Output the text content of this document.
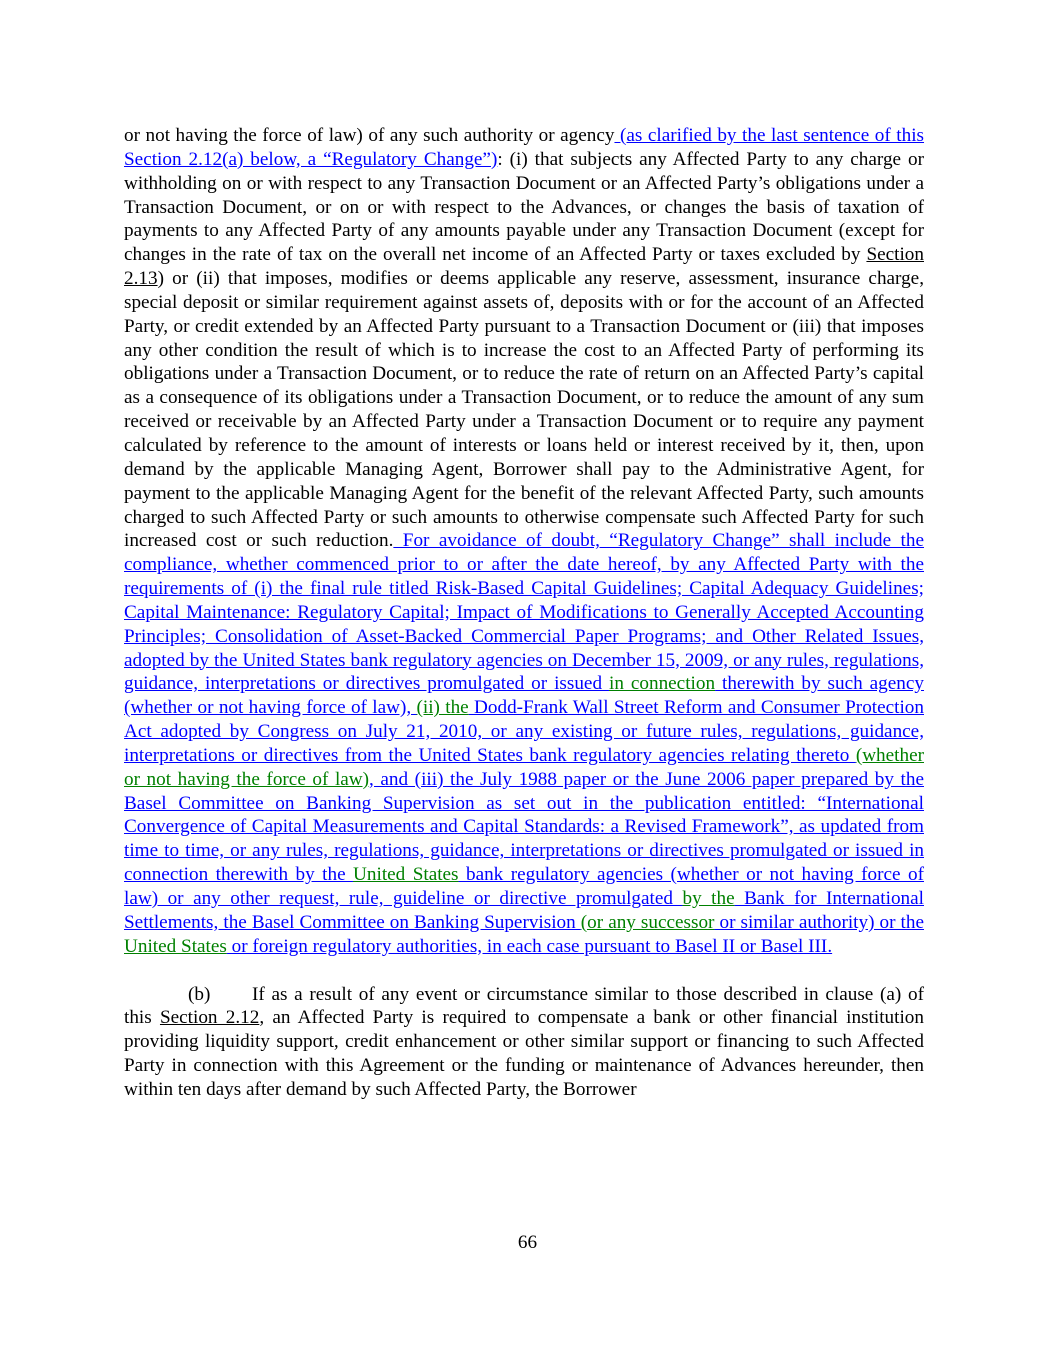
or not having the force of law) of any such authority or agency (as clarified by the last sentence of this Section 2.12(a) below, a “Regulatory Change”): (i) that subjects any Affected Party to any charge or withholding on or with respect to any Transaction Document or an Affected Party’s obligations under a Transaction Document, or on or with respect to the Advances, or changes the basis of taxation of payments to any Affected Party of any amounts payable under any Transaction Document (except for changes in the rate of tax on the overall net income of an Affected Party or taxes excluded by Section 2.13) or (ii) that imposes, modifies or deems applicable any reserve, assessment, insurance charge, special deposit or similar requirement against assets of, deposits with or for the account of an Affected Party, or credit extended by an Affected Party pursuant to a Transaction Document or (iii) that imposes any other condition the result of which is to increase the cost to an Affected Party of performing its obligations under a Transaction Document, or to reduce the rate of return on an Affected Party’s capital as a consequence of its obligations under a Transaction Document, or to reduce the amount of any sum received or receivable by an Affected Party under a Transaction Document or to require any payment calculated by reference to the amount of interests or loans held or interest received by it, then, upon demand by the applicable Managing Agent, Borrower shall pay to the Administrative Agent, for payment to the applicable Managing Agent for the benefit of the relevant Affected Party, such amounts charged to such Affected Party or such amounts to otherwise compensate such Affected Party for such increased cost or such reduction. For avoidance of doubt, “Regulatory Change” shall include the compliance, whether commenced prior to or after the date hereof, by any Affected Party with the requirements of (i) the final rule titled Risk-Based Capital Guidelines; Capital Adequacy Guidelines; Capital Maintenance: Regulatory Capital; Impact of Modifications to Generally Accepted Accounting Principles; Consolidation of Asset-Backed Commercial Paper Programs; and Other Related Issues, adopted by the United States bank regulatory agencies on December 15, 2009, or any rules, regulations, guidance, interpretations or directives promulgated or issued in connection therewith by such agency (whether or not having force of law), (ii) the Dodd-Frank Wall Street Reform and Consumer Protection Act adopted by Congress on July 21, 2010, or any existing or future rules, regulations, guidance, interpretations or directives from the United States bank regulatory agencies relating thereto (whether or not having the force of law), and (iii) the July 1988 paper or the June 2006 paper prepared by the Basel Committee on Banking Supervision as set out in the publication entitled: “International Convergence of Capital Measurements and Capital Standards: a Revised Framework”, as updated from time to time, or any rules, regulations, guidance, interpretations or directives promulgated or issued in connection therewith by the United States bank regulatory agencies (whether or not having force of law) or any other request, rule, guideline or directive promulgated by the Bank for International Settlements, the Basel Committee on Banking Supervision (or any successor or similar authority) or the United States or foreign regulatory authorities, in each case pursuant to Basel II or Basel III.

(b) If as a result of any event or circumstance similar to those described in clause (a) of this Section 2.12, an Affected Party is required to compensate a bank or other financial institution providing liquidity support, credit enhancement or other similar support or financing to such Affected Party in connection with this Agreement or the funding or maintenance of Advances hereunder, then within ten days after demand by such Affected Party, the Borrower

66
